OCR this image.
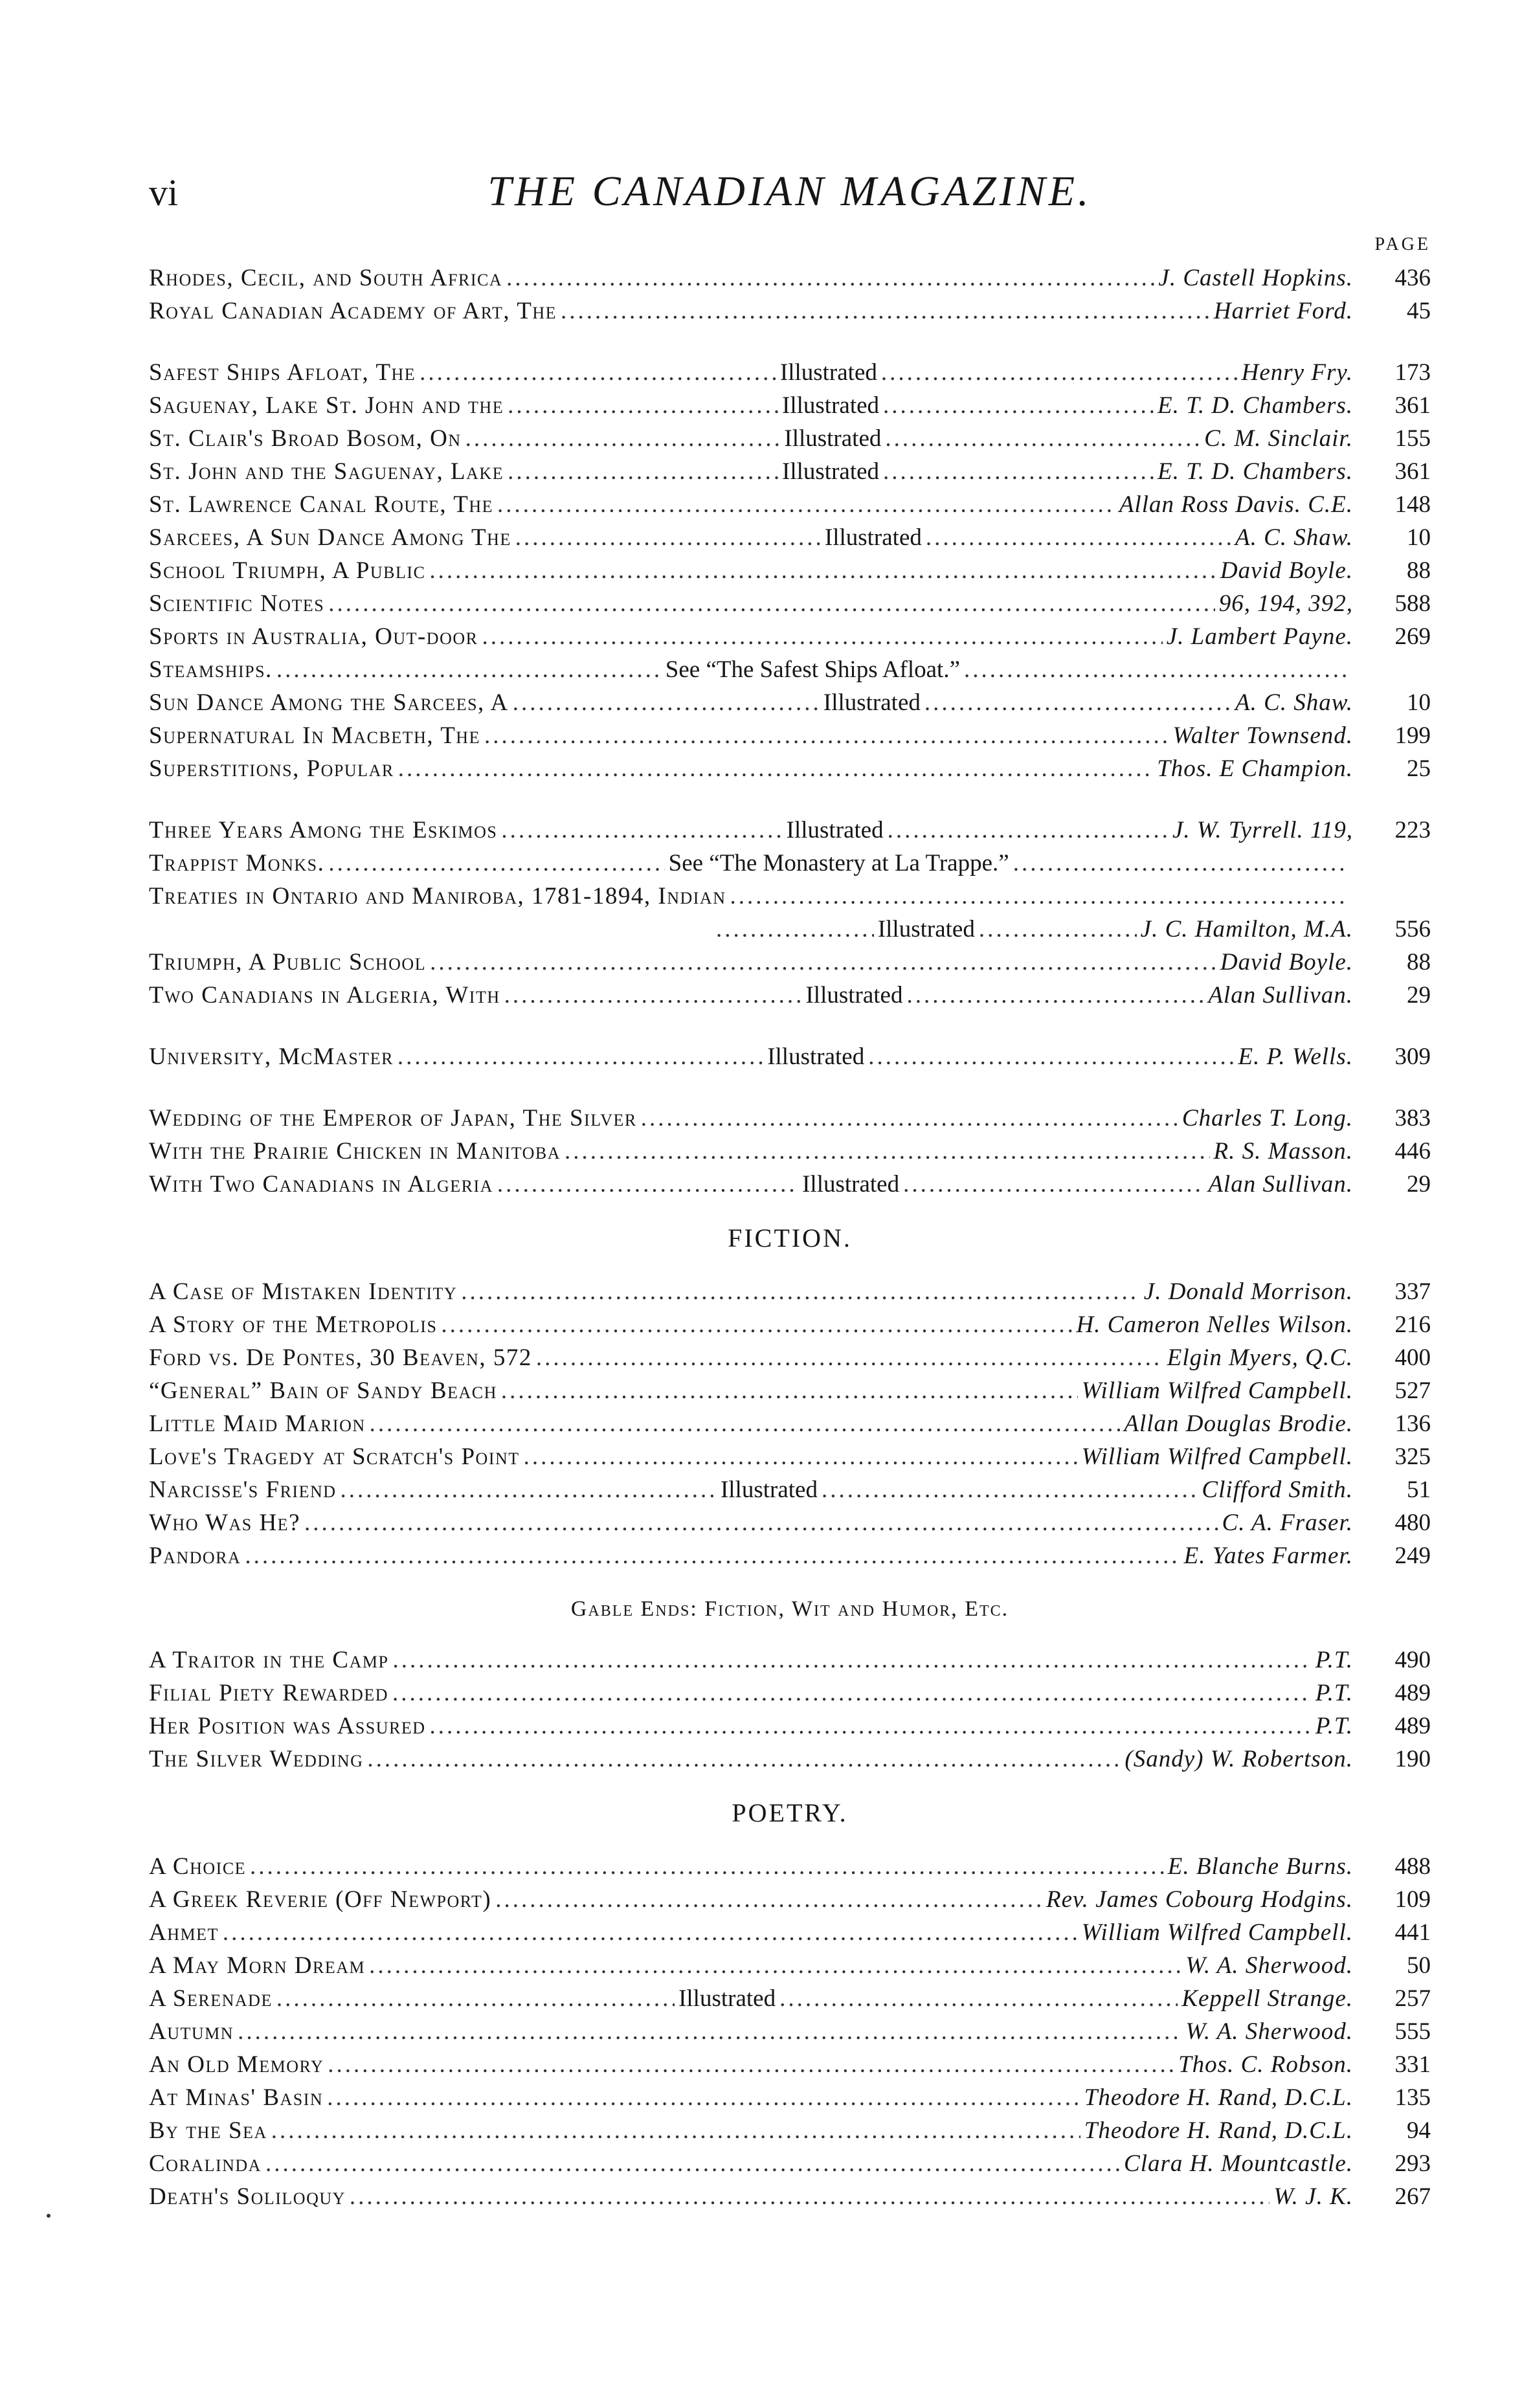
vi	THE CANADIAN MAGAZINE.
PAGE
Rhodes, Cecil, and South Africa .....	J. Castell Hopkins.	436
Royal Canadian Academy of Art, The .....	Harriet Ford.	45
Safest Ships Afloat, The .....	Illustrated .....	Henry Fry.	173
Saguenay, Lake St. John and the .....	Illustrated .....	E. T. D. Chambers.	361
St. Clair's Broad Bosom, On .....	Illustrated .....	C. M. Sinclair.	155
St. John and the Saguenay, Lake .....	Illustrated .....	E. T. D. Chambers.	361
St. Lawrence Canal Route, The .....	Allan Ross Davis. C.E.	148
Sarcees, A Sun Dance Among The .....	Illustrated .....	A. C. Shaw.	10
School Triumph, A Public .....	David Boyle.	88
Scientific Notes .....	96, 194, 392,	588
Sports in Australia, Out-door .....	J. Lambert Payne.	269
Steamships. .....	See “The Safest Ships Afloat.”
.....
Sun Dance Among the Sarcees, A .....	Illustrated .....	A. C. Shaw.	10
Supernatural In Macbeth, The .....	Walter Townsend.	199
Superstitions, Popular .....	Thos. E Champion.	25
Three Years Among the Eskimos .....	Illustrated .....	J. W. Tyrrell. 119,	223
Trappist Monks. .....	See “The Monastery at La Trappe.”
.....
Treaties in Ontario and Maniroba, 1781-1894, Indian
.....
.....
Illustrated .....	J. C. Hamilton, M.A.	556
Triumph, A Public School .....	David Boyle.	88
Two Canadians in Algeria, With .....	Illustrated .....	Alan Sullivan.	29
University, McMaster .....	Illustrated .....	E. P. Wells.	309
Wedding of the Emperor of Japan, The Silver .....	Charles T. Long.	383
With the Prairie Chicken in Manitoba .....	R. S. Masson.	446
With Two Canadians in Algeria .....	Illustrated .....	Alan Sullivan.	29
FICTION.
A Case of Mistaken Identity .....	J. Donald Morrison.	337
A Story of the Metropolis .....	H. Cameron Nelles Wilson.	216
Ford vs. De Pontes, 30 Beaven, 572 .....	Elgin Myers, Q.C.	400
“General” Bain of Sandy Beach .....	William Wilfred Campbell.	527
Little Maid Marion .....	Allan Douglas Brodie.	136
Love's Tragedy at Scratch's Point .....	William Wilfred Campbell.	325
Narcisse's Friend .....	Illustrated .....	Clifford Smith.	51
Who Was He? .....	C. A. Fraser.	480
Pandora .....	E. Yates Farmer.	249
Gable Ends: Fiction, Wit and Humor, Etc.
A Traitor in the Camp .....	P.T.	490
Filial Piety Rewarded .....	P.T.	489
Her Position was Assured .....	P.T.	489
The Silver Wedding .....	(Sandy) W. Robertson.	190
POETRY.
A Choice .....	E. Blanche Burns.	488
A Greek Reverie (Off Newport) .....	Rev. James Cobourg Hodgins.	109
Ahmet .....	William Wilfred Campbell.	441
A May Morn Dream .....	W. A. Sherwood.	50
A Serenade .....	Illustrated .....	Keppell Strange.	257
Autumn .....	W. A. Sherwood.	555
An Old Memory .....	Thos. C. Robson.	331
At Minas' Basin .....	Theodore H. Rand, D.C.L.	135
By the Sea .....	Theodore H. Rand, D.C.L.	94
Coralinda .....	Clara H. Mountcastle.	293
Death's Soliloquy .....	W. J. K.	267
